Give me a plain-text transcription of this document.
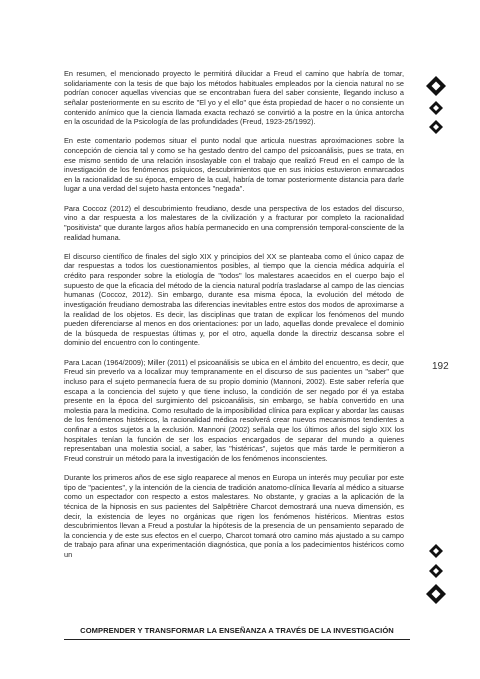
En resumen, el mencionado proyecto le permitirá dilucidar a Freud el camino que habría de tomar, solidariamente con la tesis de que bajo los métodos habituales empleados por la ciencia natural no se podrían conocer aquellas vivencias que se encontraban fuera del saber consiente, llegando incluso a señalar posteriormente en su escrito de "El yo y el ello" que ésta propiedad de hacer o no consiente un contenido anímico que la ciencia llamada exacta rechazó se convirtió a la postre en la única antorcha en la oscuridad de la Psicología de las profundidades (Freud, 1923-25/1992).

En este comentario podemos situar el punto nodal que articula nuestras aproximaciones sobre la concepción de ciencia tal y como se ha gestado dentro del campo del psicoanálisis, pues se trata, en ese mismo sentido de una relación insoslayable con el trabajo que realizó Freud en el campo de la investigación de los fenómenos psíquicos, descubrimientos que en sus inicios estuvieron enmarcados en la racionalidad de su época, empero de la cual, habría de tomar posteriormente distancia para darle lugar a una verdad del sujeto hasta entonces "negada".

Para Coccoz (2012) el descubrimiento freudiano, desde una perspectiva de los estados del discurso, vino a dar respuesta a los malestares de la civilización y a fracturar por completo la racionalidad "positivista" que durante largos años había permanecido en una comprensión temporal-consciente de la realidad humana.

El discurso científico de finales del siglo XIX y principios del XX se planteaba como el único capaz de dar respuestas a todos los cuestionamientos posibles, al tiempo que la ciencia médica adquiría el crédito para responder sobre la etiología de "todos" los malestares acaecidos en el cuerpo bajo el supuesto de que la eficacia del método de la ciencia natural podría trasladarse al campo de las ciencias humanas (Coccoz, 2012). Sin embargo, durante esa misma época, la evolución del método de investigación freudiano demostraba las diferencias inevitables entre estos dos modos de aproximarse a la realidad de los objetos. Es decir, las disciplinas que tratan de explicar los fenómenos del mundo pueden diferenciarse al menos en dos orientaciones: por un lado, aquellas donde prevalece el dominio de la búsqueda de respuestas últimas y, por el otro, aquella donde la directriz descansa sobre el dominio del encuentro con lo contingente.

Para Lacan (1964/2009); Miller (2011) el psicoanálisis se ubica en el ámbito del encuentro, es decir, que Freud sin preverlo va a localizar muy tempranamente en el discurso de sus pacientes un "saber" que incluso para el sujeto permanecía fuera de su propio dominio (Mannoni, 2002). Este saber refería que escapa a la conciencia del sujeto y que tiene incluso, la condición de ser negado por él ya estaba presente en la época del surgimiento del psicoanálisis, sin embargo, se había convertido en una molestia para la medicina. Como resultado de la imposibilidad clínica para explicar y abordar las causas de los fenómenos histéricos, la racionalidad médica resolverá crear nuevos mecanismos tendientes a confinar a estos sujetos a la exclusión. Mannoni (2002) señala que los últimos años del siglo XIX los hospitales tenían la función de ser los espacios encargados de separar del mundo a quienes representaban una molestia social, a saber, las "histéricas", sujetos que más tarde le permitieron a Freud construir un método para la investigación de los fenómenos inconscientes.

Durante los primeros años de ese siglo reaparece al menos en Europa un interés muy peculiar por este tipo de "pacientes", y la intención de la ciencia de tradición anatomo-clínica llevaría al médico a situarse como un espectador con respecto a estos malestares. No obstante, y gracias a la aplicación de la técnica de la hipnosis en sus pacientes del Salpêtrière Charcot demostrará una nueva dimensión, es decir, la existencia de leyes no orgánicas que rigen los fenómenos histéricos. Mientras estos descubrimientos llevan a Freud a postular la hipótesis de la presencia de un pensamiento separado de la conciencia y de este sus efectos en el cuerpo, Charcot tomará otro camino más ajustado a su campo de trabajo para afinar una experimentación diagnóstica, que ponía a los padecimientos histéricos como un

192
COMPRENDER Y TRANSFORMAR LA ENSEÑANZA A TRAVÉS DE LA INVESTIGACIÓN
